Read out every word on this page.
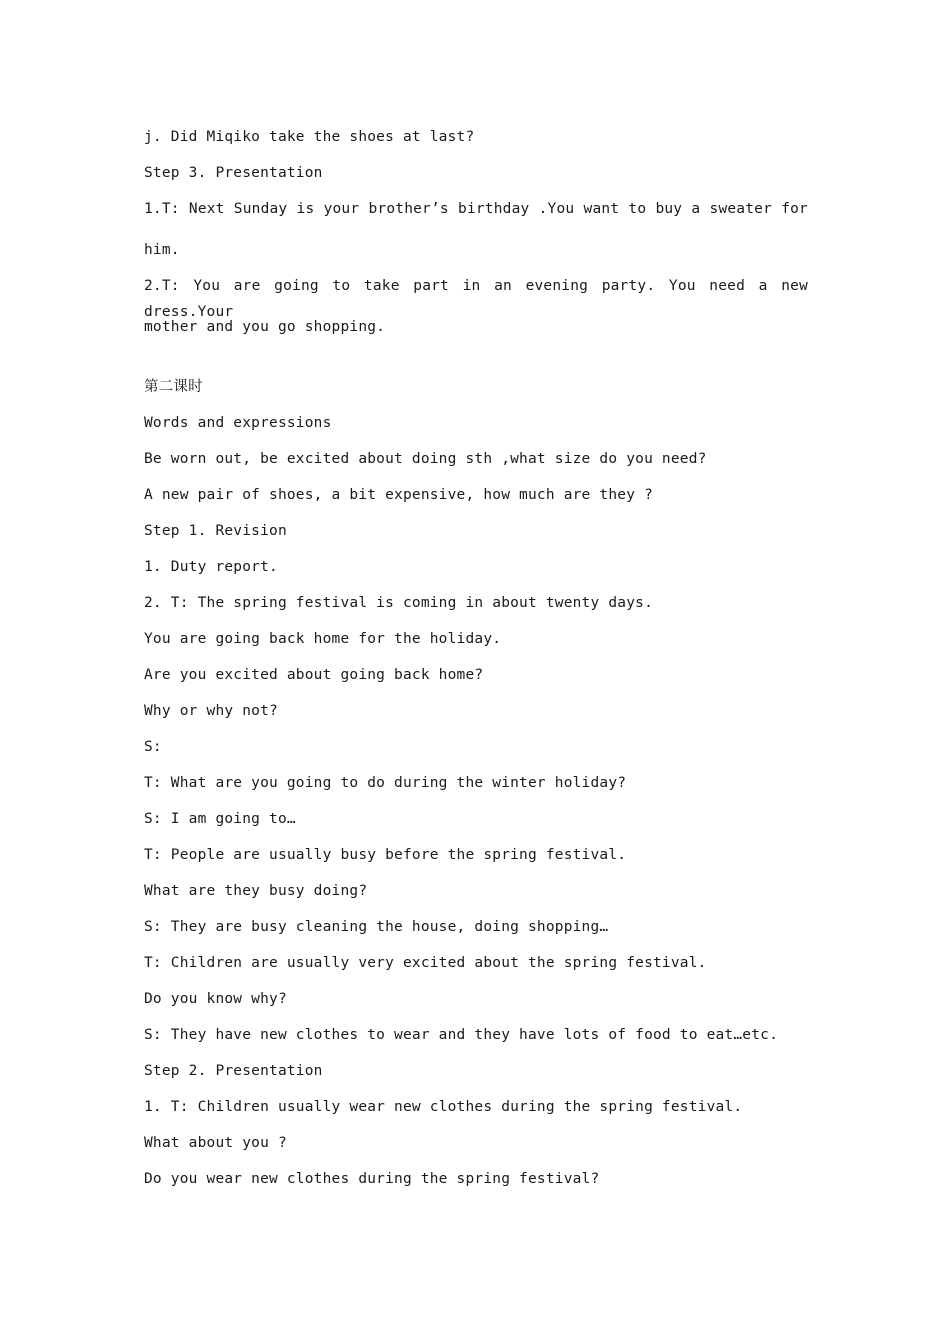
j. Did Miqiko take the shoes at last?
Step 3. Presentation
1.T: Next Sunday is your brother’s birthday .You want to buy a sweater for
him.
2.T: You are going to take part in an evening party. You need a new dress.Your
mother and you go shopping.
第二课时
Words and expressions
Be worn out, be excited about doing sth ,what size do you need?
A new pair of shoes, a bit expensive, how much are they ?
Step 1. Revision
1. Duty report.
2. T: The spring festival is coming in about twenty days.
You are going back home for the holiday.
Are you excited about going back home?
Why or why not?
S:
T: What are you going to do during the winter holiday?
S: I am going to…
T: People are usually busy before the spring festival.
What are they busy doing?
S: They are busy cleaning the house, doing shopping…
T: Children are usually very excited about the spring festival.
Do you know why?
S: They have new clothes to wear and they have lots of food to eat…etc.
Step 2. Presentation
1. T: Children usually wear new clothes during the spring festival.
What about you ?
Do you wear new clothes during the spring festival?
